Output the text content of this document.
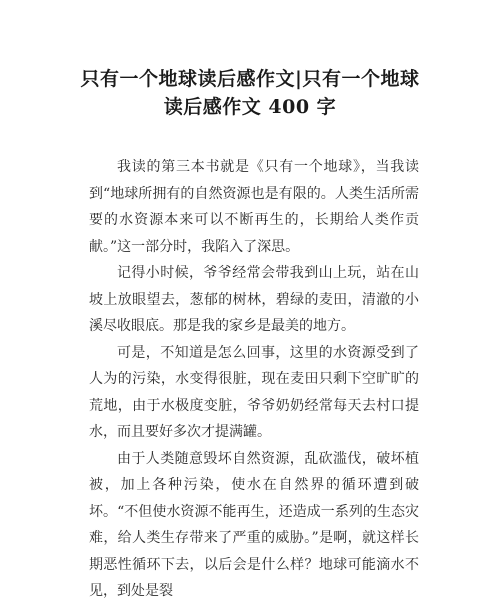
只有一个地球读后感作文|只有一个地球
读后感作文 400 字

我读的第三本书就是《只有一个地球》，当我读到“地球所拥有的自然资源也是有限的。人类生活所需要的水资源本来可以不断再生的，长期给人类作贡献。”这一部分时，我陷入了深思。

记得小时候，爷爷经常会带我到山上玩，站在山坡上放眼望去，葱郁的树林，碧绿的麦田，清澈的小溪尽收眼底。那是我的家乡是最美的地方。

可是，不知道是怎么回事，这里的水资源受到了人为的污染，水变得很脏，现在麦田只剩下空旷旷的荒地，由于水极度变脏，爷爷奶奶经常每天去村口提水，而且要好多次才提满罐。

由于人类随意毁坏自然资源，乱砍滥伐，破坏植被，加上各种污染，使水在自然界的循环遭到破坏。“不但使水资源不能再生，还造成一系列的生态灾难，给人类生存带来了严重的威胁。”是啊，就这样长期恶性循环下去，以后会是什么样？地球可能滴水不见，到处是裂
